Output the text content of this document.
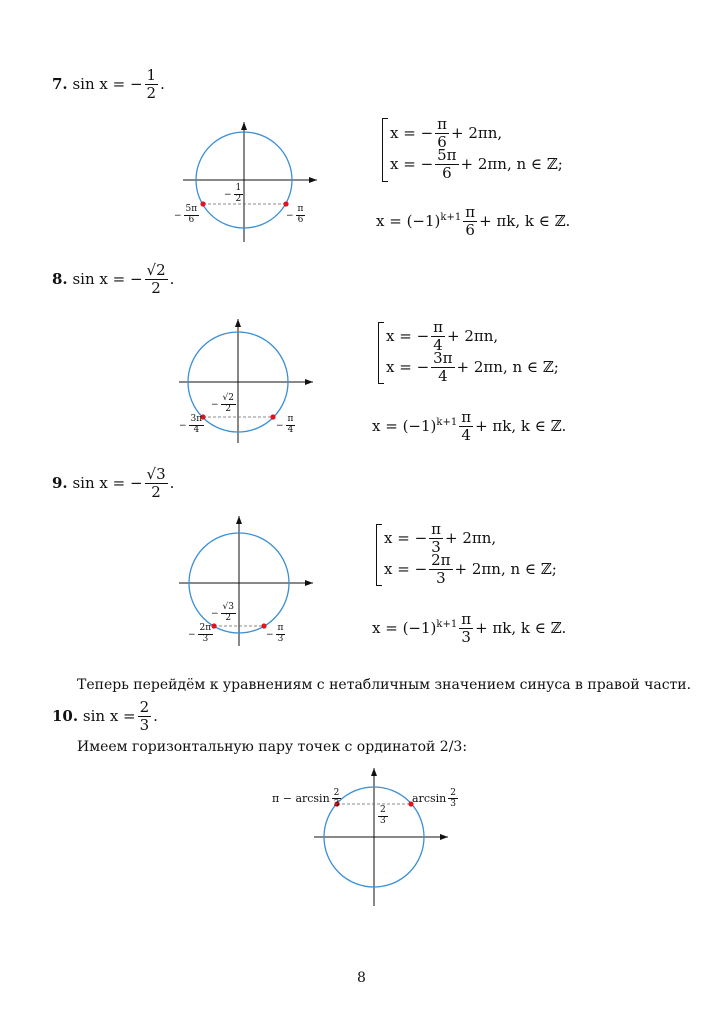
7. sin x = − $\frac{1}{2}$ .
− $\frac{1}{2}$
− $\frac{5\pi}{6}$	− $\frac{\pi}{6}$
x = − $\frac{\pi}{6} + 2\pi n$,
x = − $\frac{5\pi}{6} + 2\pi n$, n ∈ ℤ;
$x = (-1)^{k+1} \frac{\pi}{6} + \pi k$, k ∈ ℤ.
8. sin x = − $\frac{√2}{2}$ .
− $\frac{√2}{2}$
− $\frac{3\pi}{4}$	− $\frac{\pi}{4}$
x = − $\frac{\pi}{4} + 2\pi n$,
x = − $\frac{3\pi}{4} + 2\pi n$, n ∈ ℤ;
$x = (-1)^{k+1} \frac{\pi}{4} + \pi k$, k ∈ ℤ.
9. sin x = − $\frac{√3}{2}$ .
− $\frac{√3}{2}$
− $\frac{2\pi}{3}$	− $\frac{\pi}{3}$
x = − $\frac{\pi}{3} + 2\pi n$,
x = − $\frac{2\pi}{3} + 2\pi n$, n ∈ ℤ;
$x = (-1)^{k+1} \frac{\pi}{3} + \pi k$, k ∈ ℤ.
Теперь перейдём к уравнениям с нетабличным значением синуса в правой части.
10. $\sin x = \frac{2}{3}$ .
Имеем горизонтальную пару точек с ординатой 2/3:
$\pi - \arcsin \frac{2}{3}$	$\arcsin \frac{2}{3}$
$\frac{2}{3}$
8
